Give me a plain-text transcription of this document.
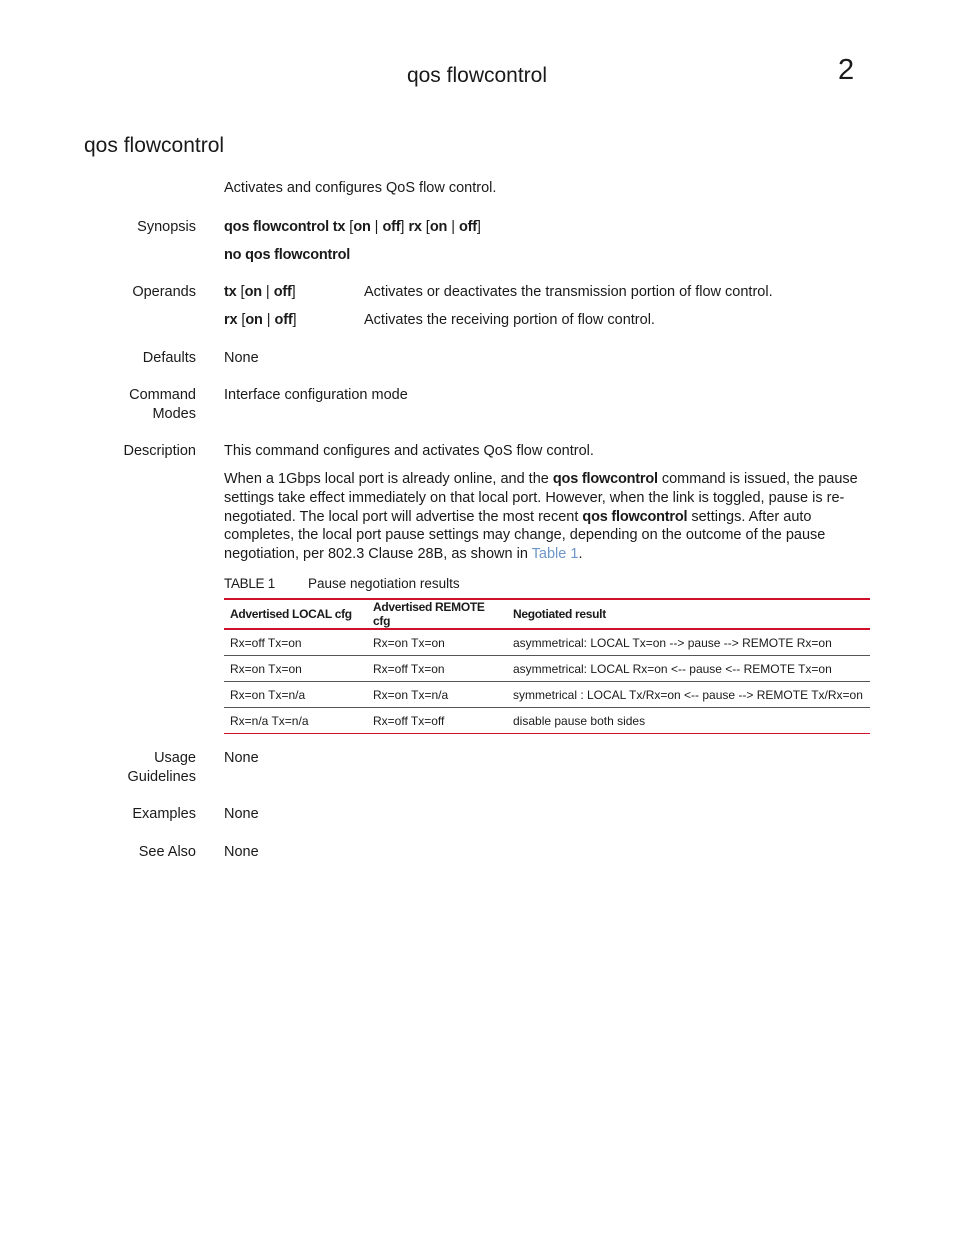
qos flowcontrol	2
qos flowcontrol
Activates and configures QoS flow control.
Synopsis qos flowcontrol tx [on | off] rx [on | off]
no qos flowcontrol
Operands tx [on | off]	Activates or deactivates the transmission portion of flow control.
rx [on | off]	Activates the receiving portion of flow control.
Defaults None
Command
Modes
Interface configuration mode
Description This command configures and activates QoS flow control.
When a 1Gbps local port is already online, and the qos flowcontrol command is issued, the pause settings take effect immediately on that local port. However, when the link is toggled, pause is re-negotiated. The local port will advertise the most recent qos flowcontrol settings. After auto completes, the local port pause settings may change, depending on the outcome of the pause negotiation, per 802.3 Clause 28B, as shown in Table 1.
TABLE 1 Pause negotiation results
Advertised LOCAL cfg	Advertised REMOTE cfg	Negotiated result
Rx=off Tx=on	Rx=on Tx=on	asymmetrical: LOCAL Tx=on --> pause --> REMOTE Rx=on
Rx=on Tx=on	Rx=off Tx=on	asymmetrical: LOCAL Rx=on <-- pause <-- REMOTE Tx=on
Rx=on Tx=n/a	Rx=on Tx=n/a	symmetrical : LOCAL Tx/Rx=on <-- pause --> REMOTE Tx/Rx=on
Rx=n/a Tx=n/a	Rx=off Tx=off	disable pause both sides
Usage
Guidelines
None
Examples None
See Also None
